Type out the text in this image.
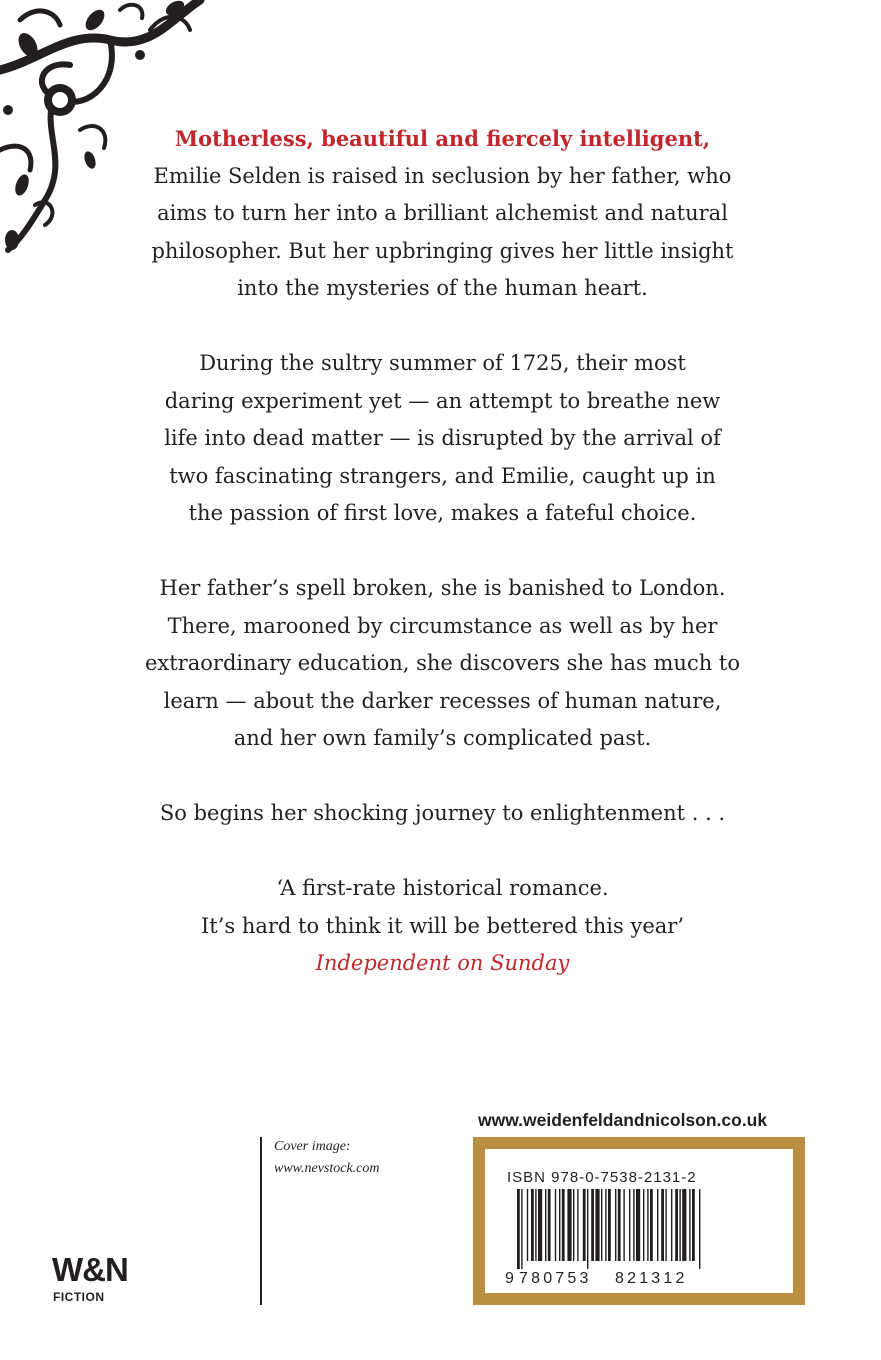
Motherless, beautiful and fiercely intelligent,
Emilie Selden is raised in seclusion by her father, who
aims to turn her into a brilliant alchemist and natural
philosopher. But her upbringing gives her little insight
into the mysteries of the human heart.

During the sultry summer of 1725, their most
daring experiment yet — an attempt to breathe new
life into dead matter — is disrupted by the arrival of
two fascinating strangers, and Emilie, caught up in
the passion of first love, makes a fateful choice.

Her father’s spell broken, she is banished to London.
There, marooned by circumstance as well as by her
extraordinary education, she discovers she has much to
learn — about the darker recesses of human nature,
and her own family’s complicated past.

So begins her shocking journey to enlightenment . . .

‘A first-rate historical romance.
It’s hard to think it will be bettered this year’
Independent on Sunday

Cover image:
www.nevstock.com
W&N
FICTION
www.weidenfeldandnicolson.co.uk
ISBN 978-0-7538-2131-2
9 780753 821312
